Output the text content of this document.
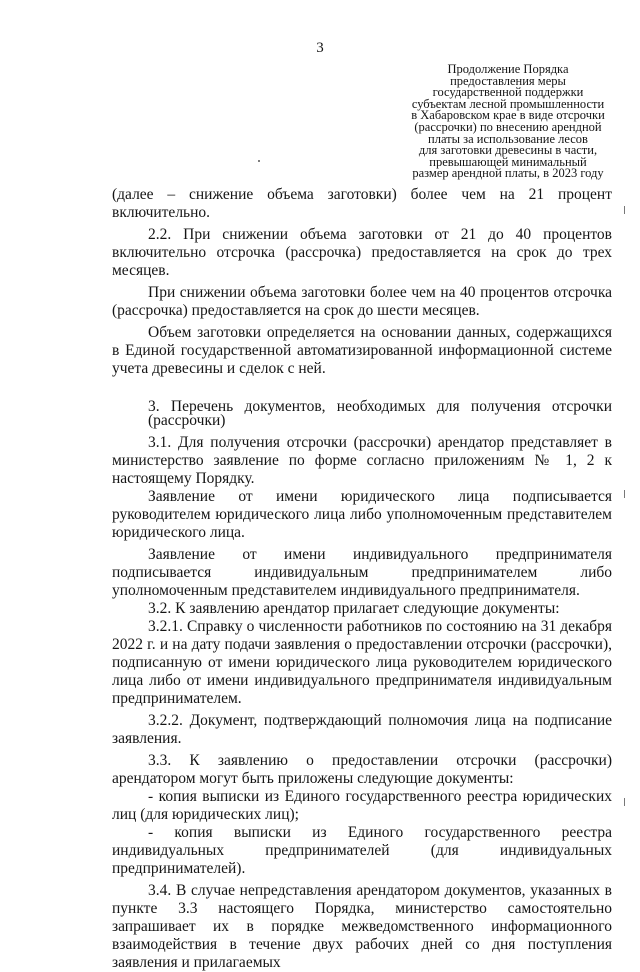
3
Продолжение Порядка
предоставления меры
государственной поддержки
субъектам лесной промышленности
в Хабаровском крае в виде отсрочки
(рассрочки) по внесению арендной
платы за использование лесов
для заготовки древесины в части,
превышающей минимальный
размер арендной платы, в 2023 году

(далее – снижение объема заготовки) более чем на 21 процент включительно.

2.2. При снижении объема заготовки от 21 до 40 процентов включительно отсрочка (рассрочка) предоставляется на срок до трех месяцев.

При снижении объема заготовки более чем на 40 процентов отсрочка (рассрочка) предоставляется на срок до шести месяцев.

Объем заготовки определяется на основании данных, содержащихся в Единой государственной автоматизированной информационной системе учета древесины и сделок с ней.

3. Перечень документов, необходимых для получения отсрочки (рассрочки)

3.1. Для получения отсрочки (рассрочки) арендатор представляет в министерство заявление по форме согласно приложениям № 1, 2 к настоящему Порядку.

Заявление от имени юридического лица подписывается руководителем юридического лица либо уполномоченным представителем юридического лица.

Заявление от имени индивидуального предпринимателя подписывается индивидуальным предпринимателем либо уполномоченным представителем индивидуального предпринимателя.

3.2. К заявлению арендатор прилагает следующие документы:

3.2.1. Справку о численности работников по состоянию на 31 декабря 2022 г. и на дату подачи заявления о предоставлении отсрочки (рассрочки), подписанную от имени юридического лица руководителем юридического лица либо от имени индивидуального предпринимателя индивидуальным предпринимателем.

3.2.2. Документ, подтверждающий полномочия лица на подписание заявления.

3.3. К заявлению о предоставлении отсрочки (рассрочки) арендатором могут быть приложены следующие документы:

- копия выписки из Единого государственного реестра юридических лиц (для юридических лиц);

- копия выписки из Единого государственного реестра индивидуальных предпринимателей (для индивидуальных предпринимателей).

3.4. В случае непредставления арендатором документов, указанных в пункте 3.3 настоящего Порядка, министерство самостоятельно запрашивает их в порядке межведомственного информационного взаимодействия в течение двух рабочих дней со дня поступления заявления и прилагаемых
